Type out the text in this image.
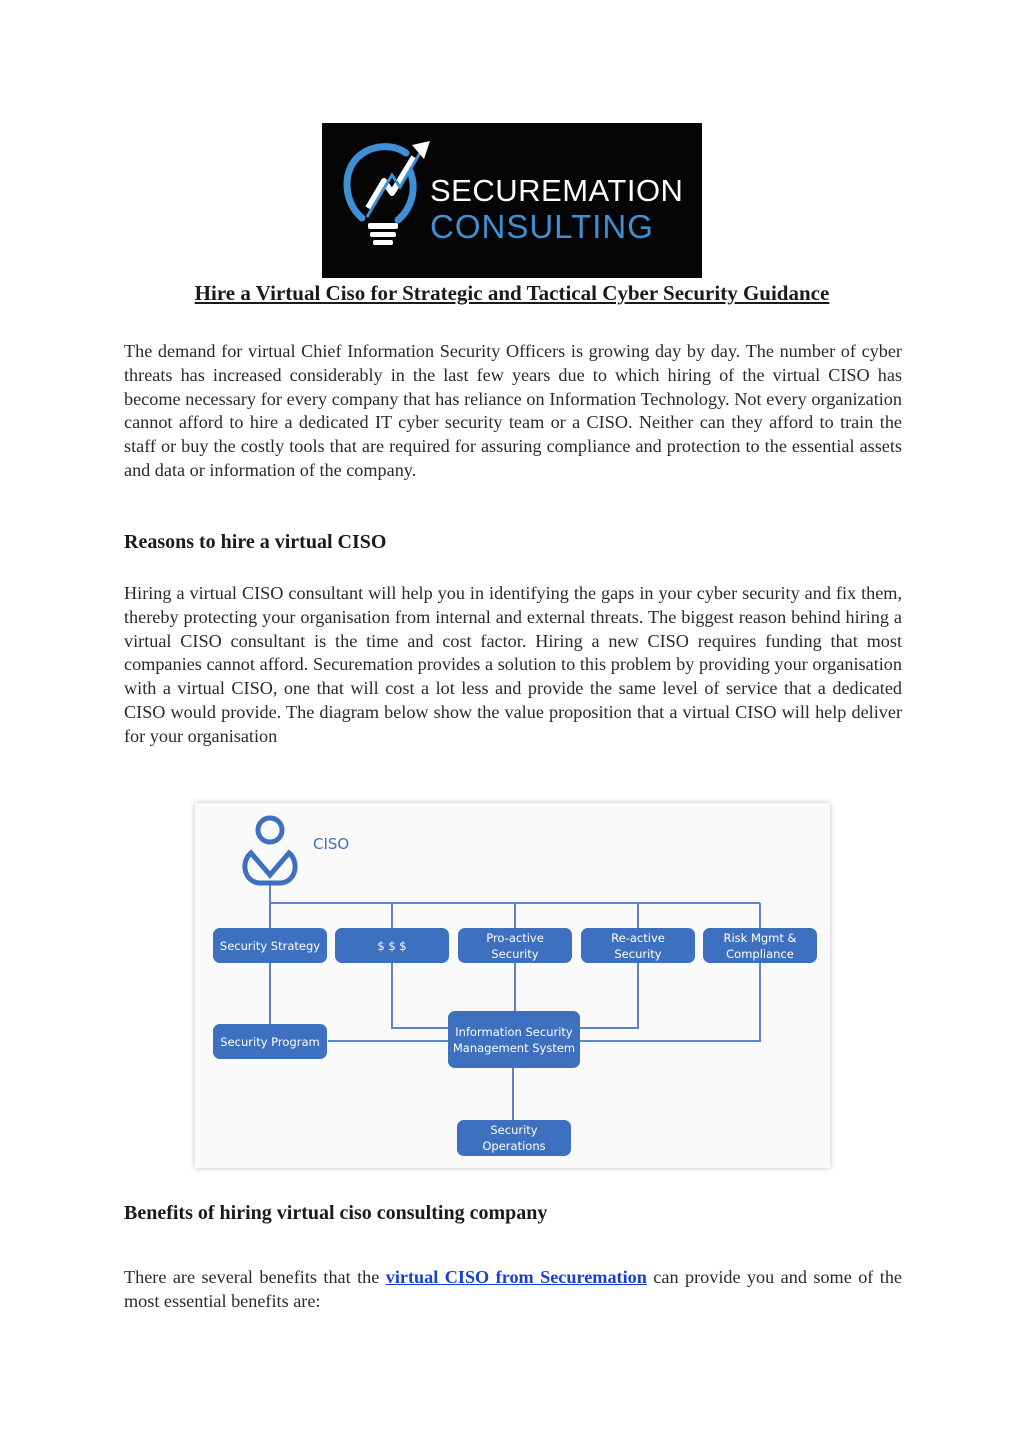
SECUREMATION
CONSULTING
Hire a Virtual Ciso for Strategic and Tactical Cyber Security Guidance

The demand for virtual Chief Information Security Officers is growing day by day. The number of cyber threats has increased considerably in the last few years due to which hiring of the virtual CISO has become necessary for every company that has reliance on Information Technology. Not every organization cannot afford to hire a dedicated IT cyber security team or a CISO. Neither can they afford to train the staff or buy the costly tools that are required for assuring compliance and protection to the essential assets and data or information of the company.

Reasons to hire a virtual CISO

Hiring a virtual CISO consultant will help you in identifying the gaps in your cyber security and fix them, thereby protecting your organisation from internal and external threats. The biggest reason behind hiring a virtual CISO consultant is the time and cost factor. Hiring a new CISO requires funding that most companies cannot afford. Securemation provides a solution to this problem by providing your organisation with a virtual CISO, one that will cost a lot less and provide the same level of service that a dedicated CISO would provide. The diagram below show the value proposition that a virtual CISO will help deliver for your organisation

CISO
Security Strategy	$ $ $
Pro-active
Security
Re-active
Security
Risk Mgmt &
Compliance
Security Program
Information Security
Management System
Security
Operations
Benefits of hiring virtual ciso consulting company

There are several benefits that the virtual CISO from Securemation can provide you and some of the most essential benefits are:
